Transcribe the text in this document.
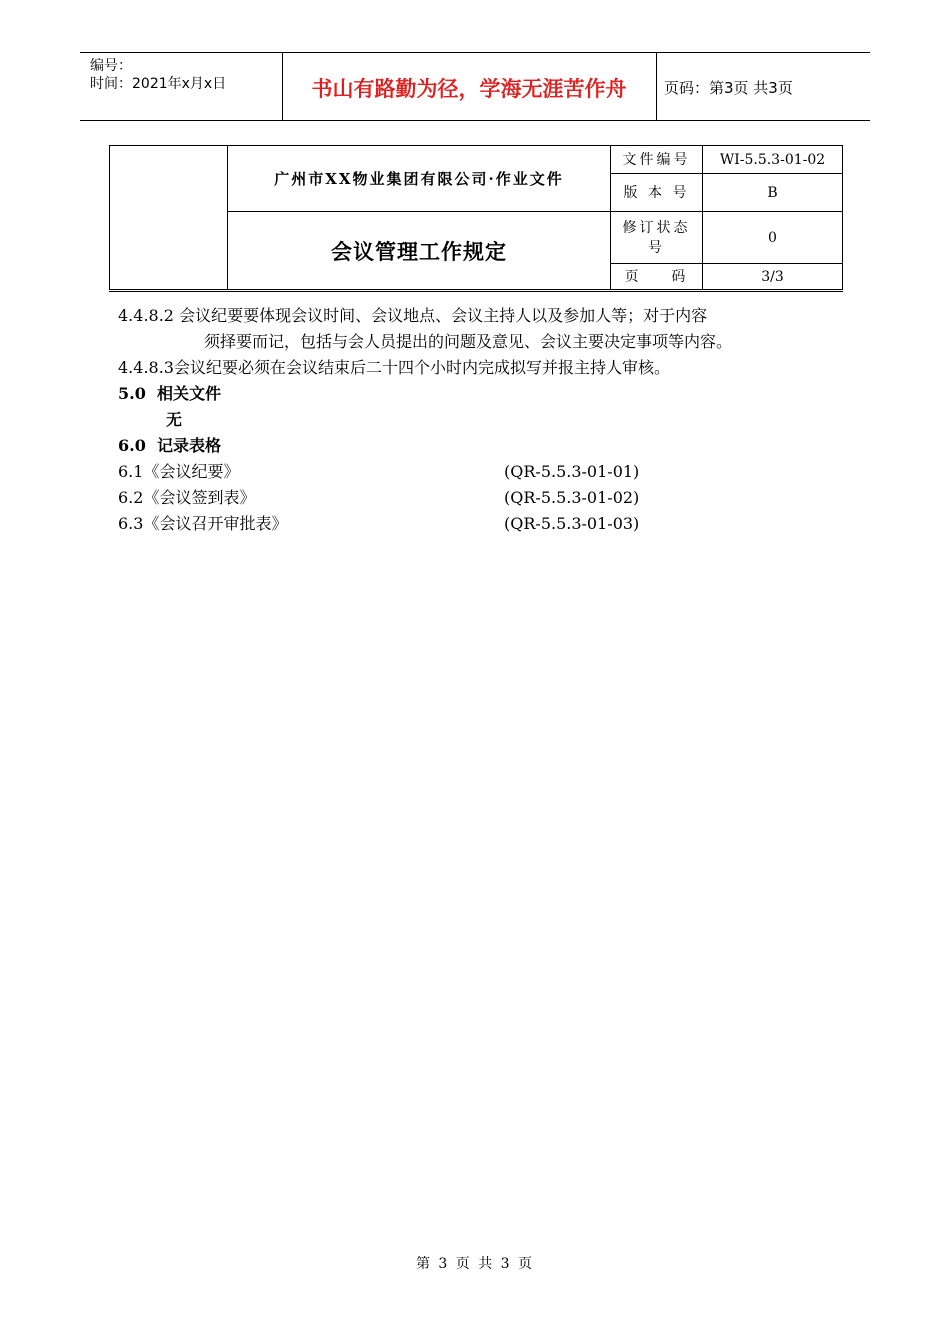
编号：
时间：2021年x月x日	书山有路勤为径，学海无涯苦作舟	页码：第3页 共3页
	广州市XX物业集团有限公司·作业文件	文件编号	WI-5.5.3-01-02
		版 本 号	B
	会议管理工作规定	修订状态号	0
		页    码	3/3
4.4.8.2 会议纪要要体现会议时间、会议地点、会议主持人以及参加人等；对于内容
须择要而记，包括与会人员提出的问题及意见、会议主要决定事项等内容。
4.4.8.3会议纪要必须在会议结束后二十四个小时内完成拟写并报主持人审核。
5.0  相关文件
无
6.0  记录表格
6.1《会议纪要》	(QR-5.5.3-01-01)
6.2《会议签到表》	(QR-5.5.3-01-02)
6.3《会议召开审批表》	(QR-5.5.3-01-03)
第 3 页 共 3 页
